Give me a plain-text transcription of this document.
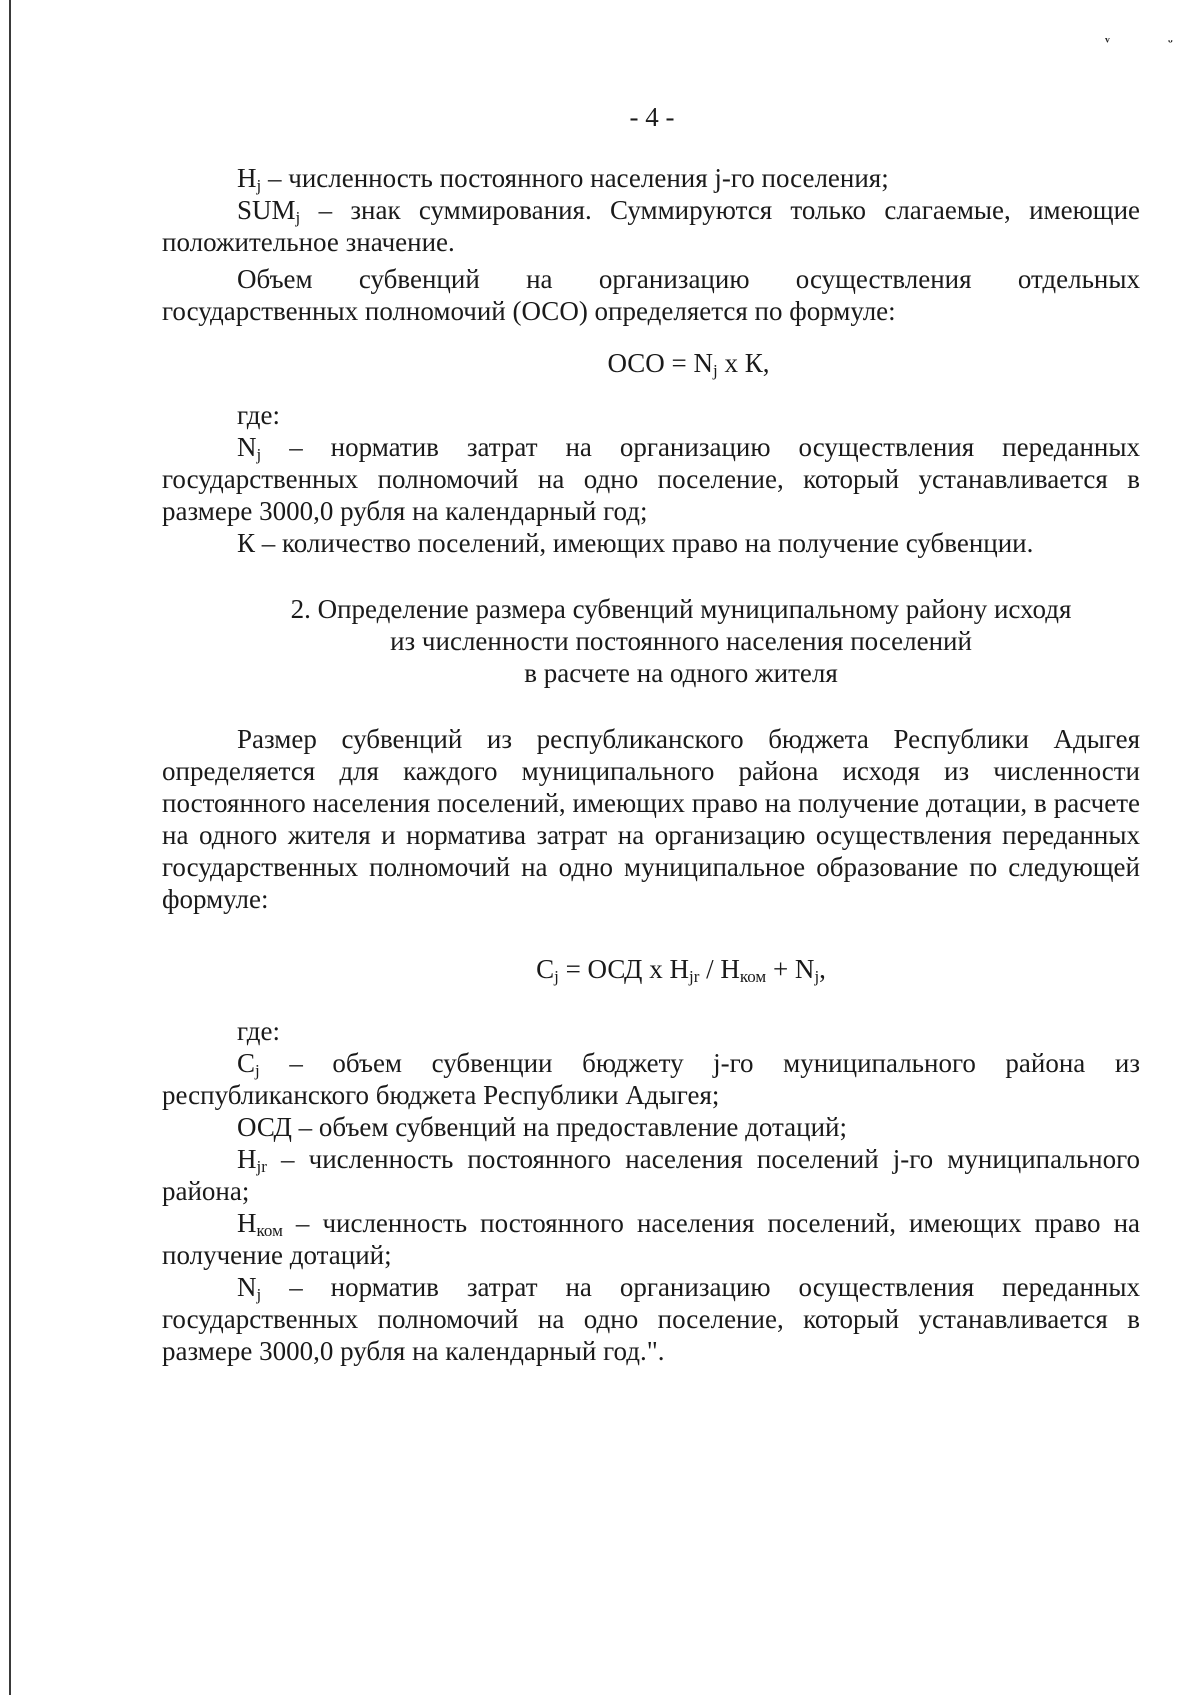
ᵛ	ᵕ
- 4 -

$Н_j$ – численность постоянного населения j-го поселения;

$SUM_j$ – знак суммирования. Суммируются только слагаемые, имеющие положительное значение.

Объем субвенций на организацию осуществления отдельных государственных полномочий (ОСО) определяется по формуле:

ОСО = $N_j$ х К,

где:

$N_j$ – норматив затрат на организацию осуществления переданных государственных полномочий на одно поселение, который устанавливается в размере 3000,0 рубля на календарный год;

К – количество поселений, имеющих право на получение субвенции.

2. Определение размера субвенций муниципальному району исходя
из численности постоянного населения поселений
в расчете на одного жителя

Размер субвенций из республиканского бюджета Республики Адыгея определяется для каждого муниципального района исходя из численности постоянного населения поселений, имеющих право на получение дотации, в расчете на одного жителя и норматива затрат на организацию осуществления переданных государственных полномочий на одно муниципальное образование по следующей формуле:

$С_j$ = ОСД х $Н_{jr} / Н_{ком} + N_j$,

где:

$С_j$ – объем субвенции бюджету j-го муниципального района из республиканского бюджета Республики Адыгея;

ОСД – объем субвенций на предоставление дотаций;

$Н_{jr}$ – численность постоянного населения поселений j-го муниципального района;

$Н_{ком}$ – численность постоянного населения поселений, имеющих право на получение дотаций;

$N_j$ – норматив затрат на организацию осуществления переданных государственных полномочий на одно поселение, который устанавливается в размере 3000,0 рубля на календарный год.".
